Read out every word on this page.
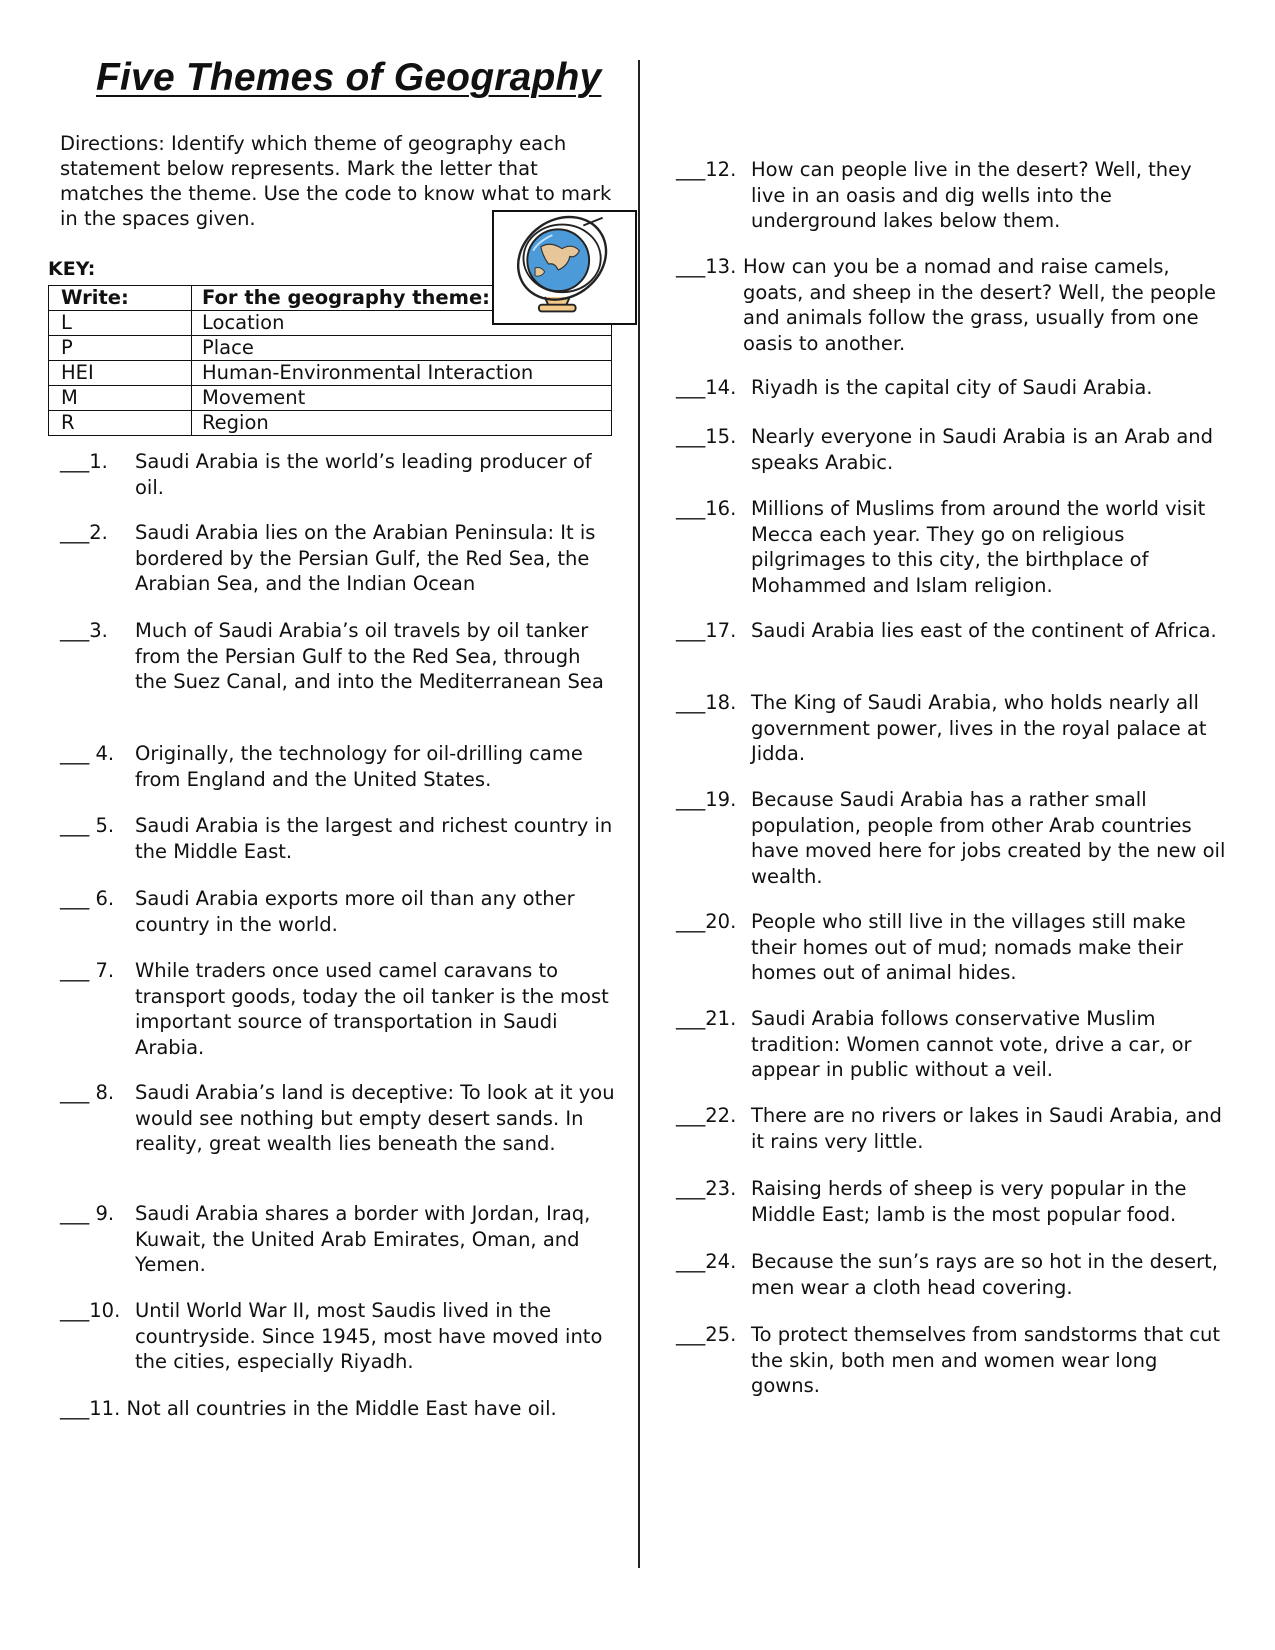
Five Themes of Geography
Directions: Identify which theme of geography each statement below represents. Mark the letter that matches the theme. Use the code to know what to mark in the spaces given.
KEY:
Write:	For the geography theme:
L	Location
P	Place
HEI	Human-Environmental Interaction
M	Movement
R	Region
___1. Saudi Arabia is the world’s leading producer of oil.
___2. Saudi Arabia lies on the Arabian Peninsula: It is bordered by the Persian Gulf, the Red Sea, the Arabian Sea, and the Indian Ocean
___3. Much of Saudi Arabia’s oil travels by oil tanker from the Persian Gulf to the Red Sea, through the Suez Canal, and into the Mediterranean Sea
___ 4. Originally, the technology for oil-drilling came from England and the United States.
___ 5. Saudi Arabia is the largest and richest country in the Middle East.
___ 6. Saudi Arabia exports more oil than any other country in the world.
___ 7. While traders once used camel caravans to transport goods, today the oil tanker is the most important source of transportation in Saudi Arabia.
___ 8. Saudi Arabia’s land is deceptive: To look at it you would see nothing but empty desert sands. In reality, great wealth lies beneath the sand.
___ 9. Saudi Arabia shares a border with Jordan, Iraq, Kuwait, the United Arab Emirates, Oman, and Yemen.
___10. Until World War II, most Saudis lived in the countryside. Since 1945, most have moved into the cities, especially Riyadh.
___11. Not all countries in the Middle East have oil.
___12. How can people live in the desert? Well, they live in an oasis and dig wells into the underground lakes below them.
___13. How can you be a nomad and raise camels, goats, and sheep in the desert? Well, the people and animals follow the grass, usually from one oasis to another.
___14. Riyadh is the capital city of Saudi Arabia.
___15. Nearly everyone in Saudi Arabia is an Arab and speaks Arabic.
___16. Millions of Muslims from around the world visit Mecca each year. They go on religious pilgrimages to this city, the birthplace of Mohammed and Islam religion.
___17. Saudi Arabia lies east of the continent of Africa.
___18. The King of Saudi Arabia, who holds nearly all government power, lives in the royal palace at Jidda.
___19. Because Saudi Arabia has a rather small population, people from other Arab countries have moved here for jobs created by the new oil wealth.
___20. People who still live in the villages still make their homes out of mud; nomads make their homes out of animal hides.
___21. Saudi Arabia follows conservative Muslim tradition: Women cannot vote, drive a car, or appear in public without a veil.
___22. There are no rivers or lakes in Saudi Arabia, and it rains very little.
___23. Raising herds of sheep is very popular in the Middle East; lamb is the most popular food.
___24. Because the sun’s rays are so hot in the desert, men wear a cloth head covering.
___25. To protect themselves from sandstorms that cut the skin, both men and women wear long gowns.
